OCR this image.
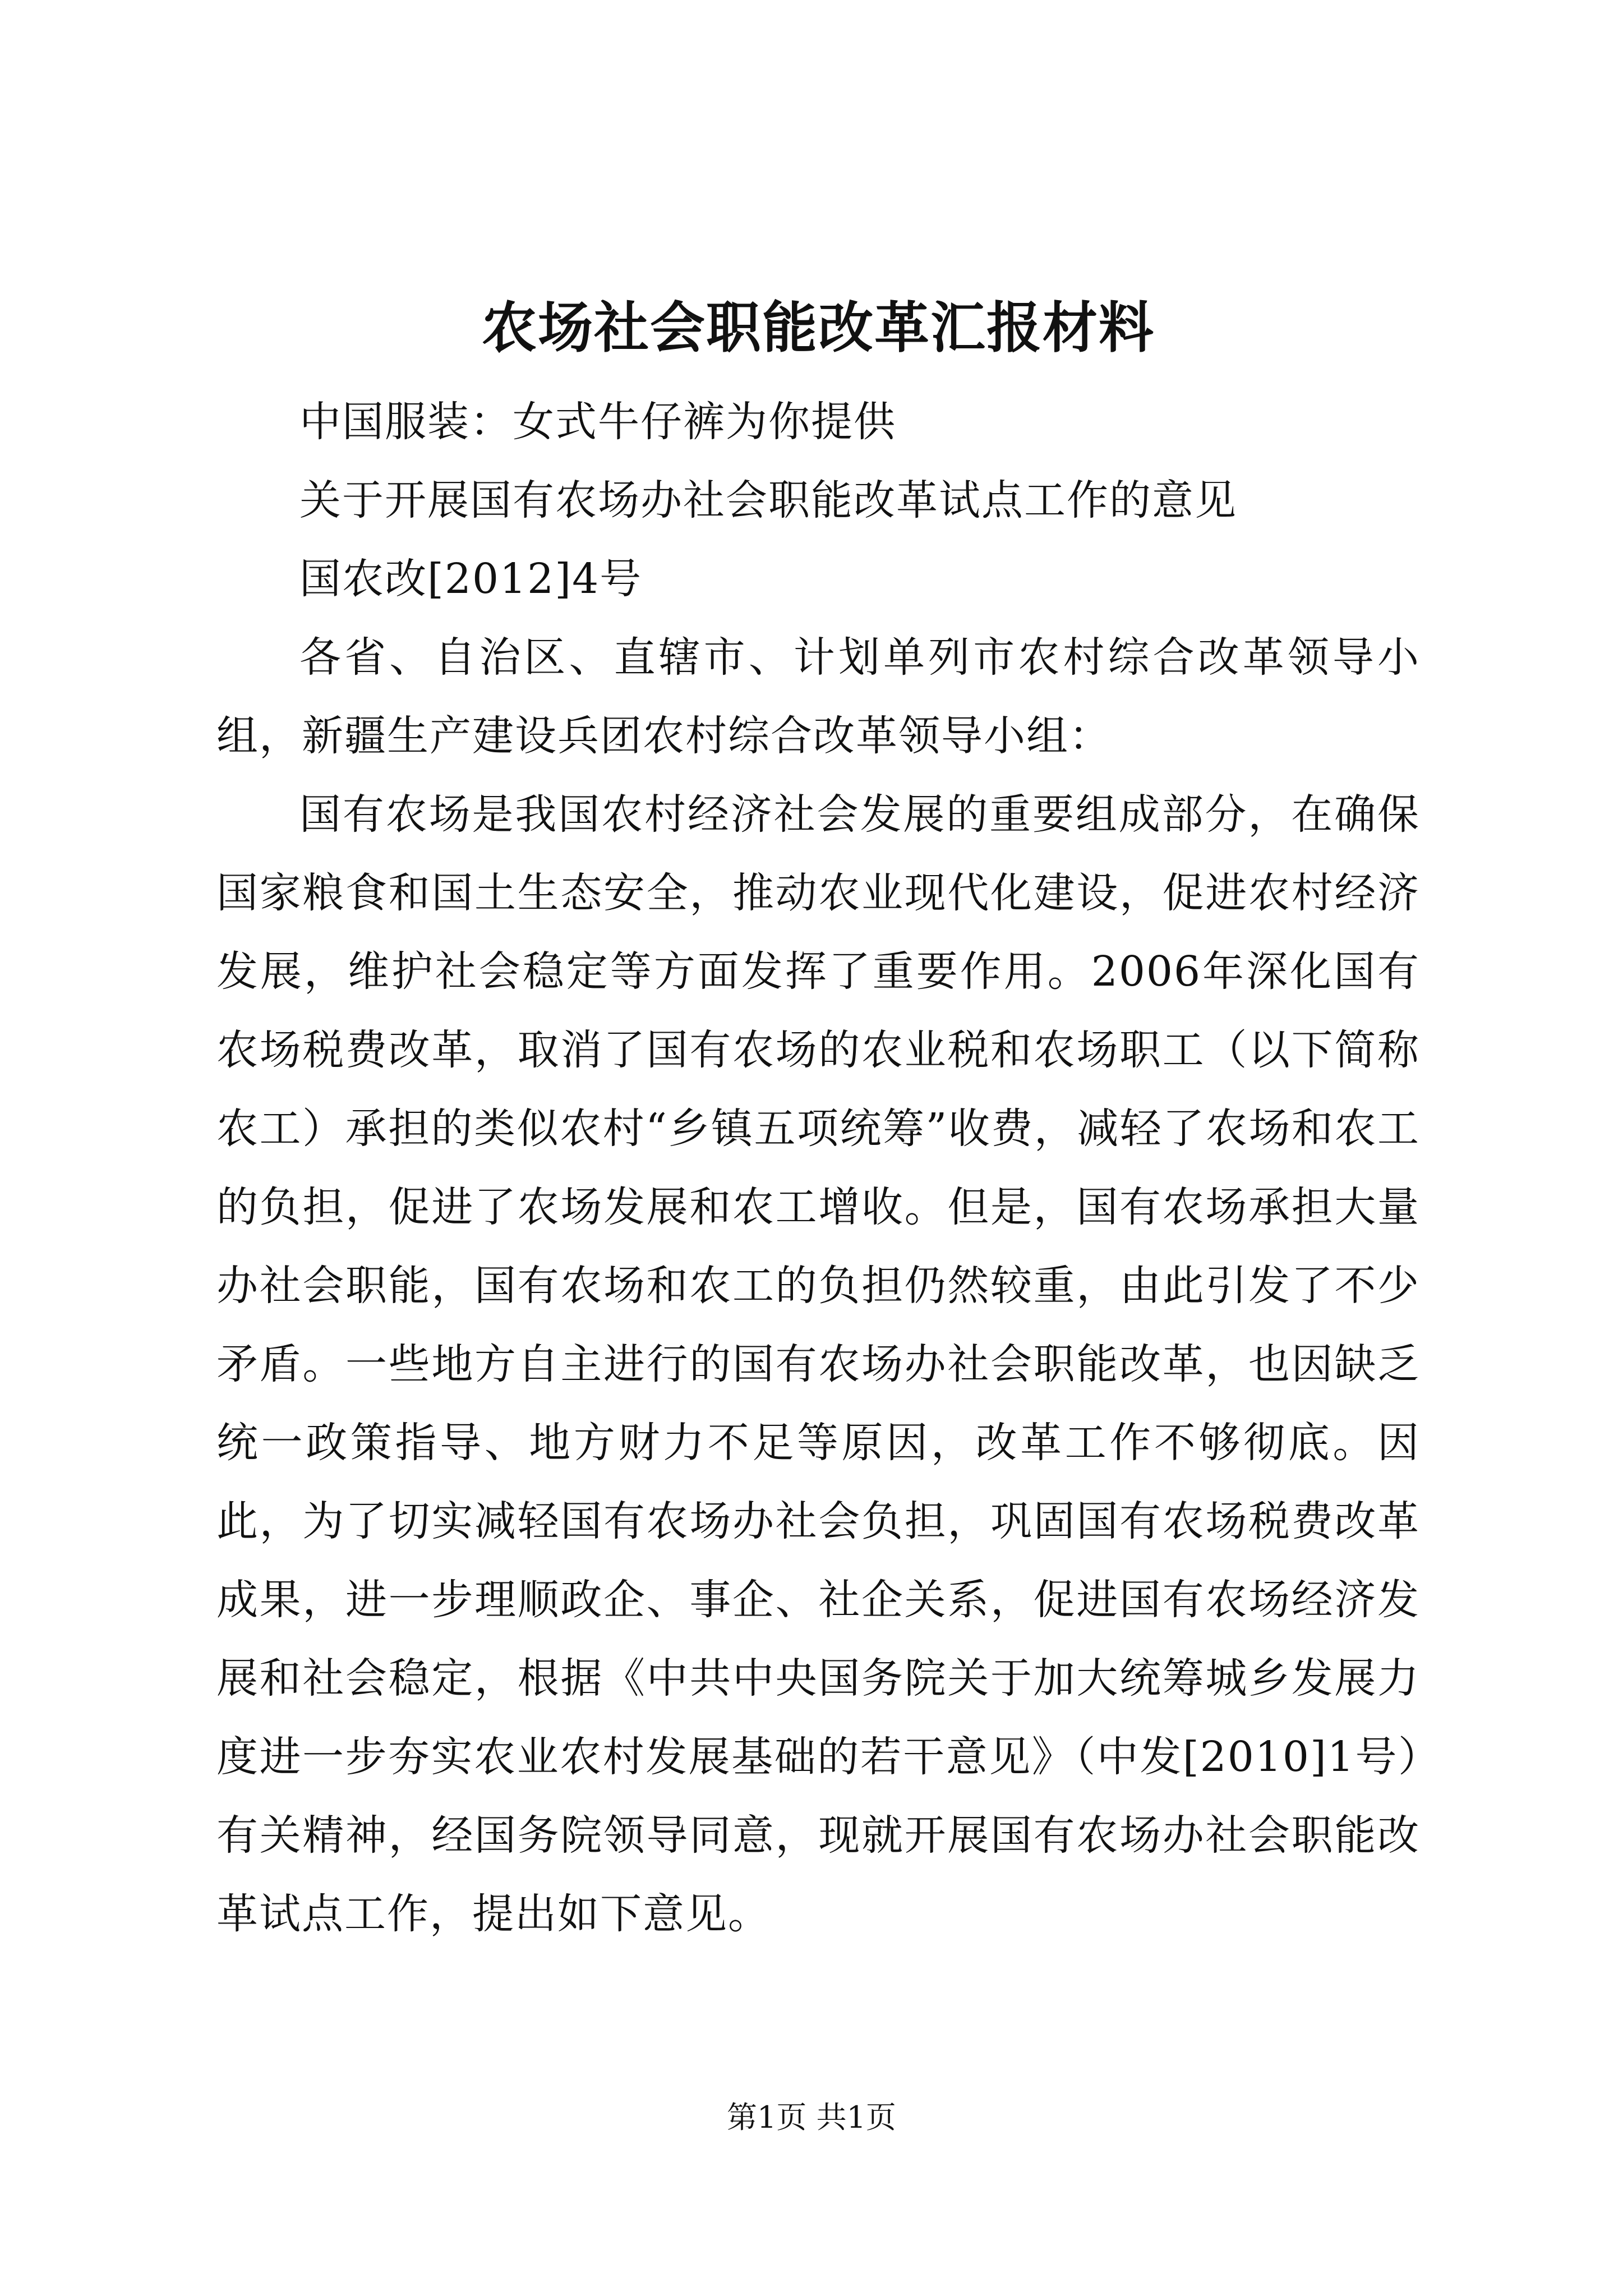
农场社会职能改革汇报材料

中国服装：女式牛仔裤为你提供

关于开展国有农场办社会职能改革试点工作的意见

国农改[2012]4号

各省、自治区、直辖市、计划单列市农村综合改革领导小组，新疆生产建设兵团农村综合改革领导小组：

国有农场是我国农村经济社会发展的重要组成部分，在确保国家粮食和国土生态安全，推动农业现代化建设，促进农村经济发展，维护社会稳定等方面发挥了重要作用。2006年深化国有农场税费改革，取消了国有农场的农业税和农场职工（以下简称农工）承担的类似农村“乡镇五项统筹”收费，减轻了农场和农工的负担，促进了农场发展和农工增收。但是，国有农场承担大量办社会职能，国有农场和农工的负担仍然较重，由此引发了不少矛盾。一些地方自主进行的国有农场办社会职能改革，也因缺乏统一政策指导、地方财力不足等原因，改革工作不够彻底。因此，为了切实减轻国有农场办社会负担，巩固国有农场税费改革成果，进一步理顺政企、事企、社企关系，促进国有农场经济发展和社会稳定，根据《中共中央国务院关于加大统筹城乡发展力度进一步夯实农业农村发展基础的若干意见》（中发[2010]1号）有关精神，经国务院领导同意，现就开展国有农场办社会职能改革试点工作，提出如下意见。

第1页 共1页
